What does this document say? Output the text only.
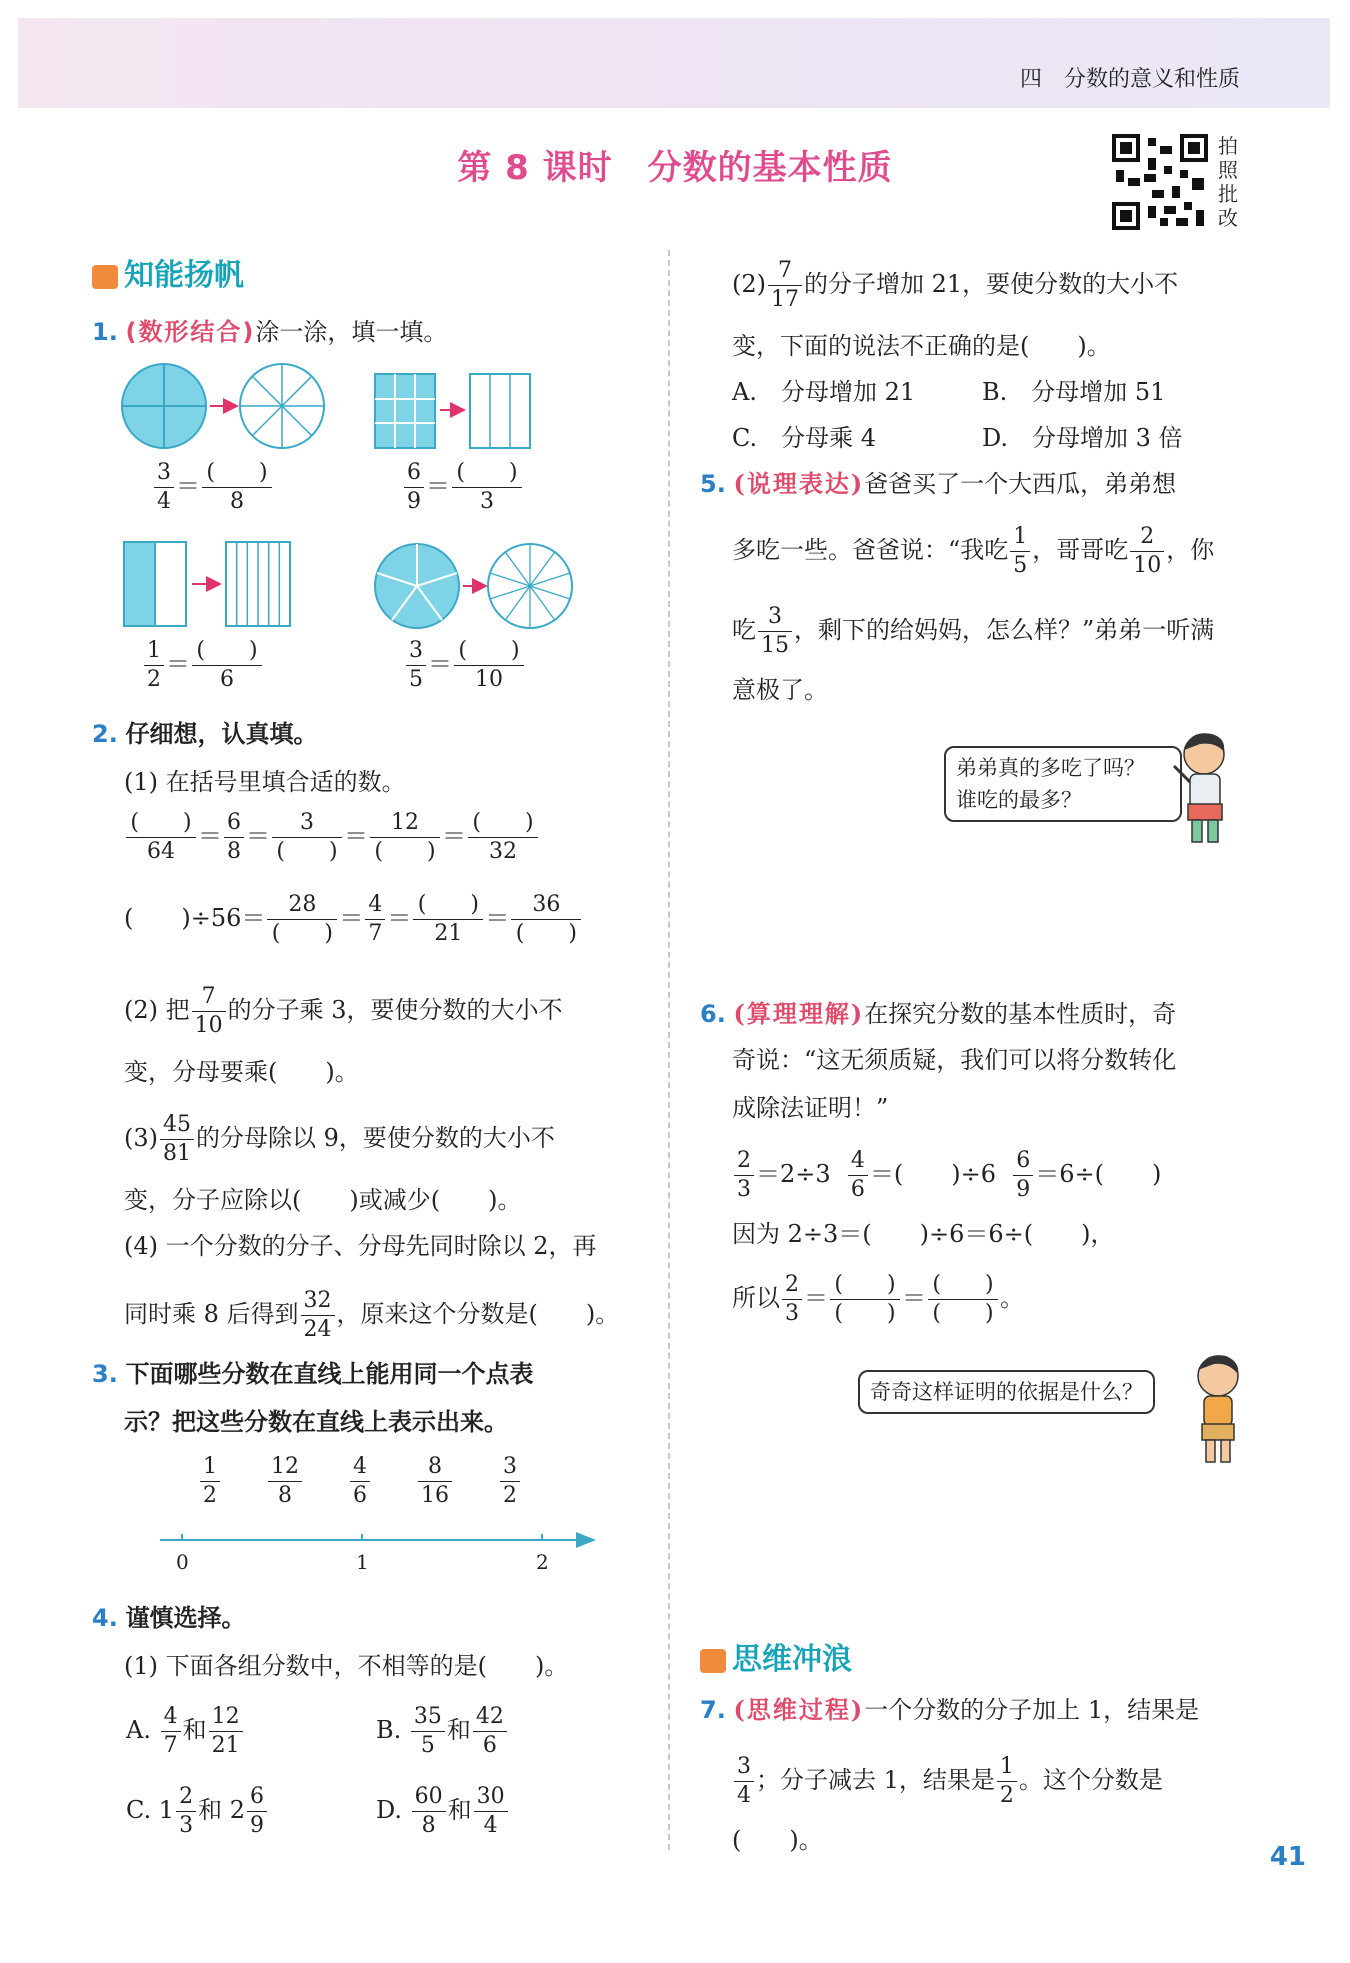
四　分数的意义和性质
第 8 课时　分数的基本性质
拍
照
批
改
知能扬帆
1. (数形结合)涂一涂，填一填。
$\frac{3}{4} = \frac{( )}{8}$	$\frac{6}{9} = \frac{( )}{3}$
$\frac{1}{2} = \frac{( )}{6}$	$\frac{3}{5} = \frac{( )}{10}$
2. 仔细想，认真填。
(1) 在括号里填合适的数。
$\frac{( )}{64} = \frac{6}{8} = \frac{3}{( )} = \frac{12}{( )} = \frac{( )}{32}$
(　　)$\div 56= \frac{28}{( )} = \frac{4}{7} = \frac{( )}{21} = \frac{36}{( )}$
(2) 把 $\frac{7}{10}$ 的分子乘 3，要使分数的大小不
变，分母要乘(　　)。
$(3) \frac{45}{81}$ 的分母除以 9，要使分数的大小不
变，分子应除以(　　)或减少(　　)。
(4) 一个分数的分子、分母先同时除以 2，再
同时乘 8 后得到 $\frac{32}{24}$ ，原来这个分数是(　　)。
3. 下面哪些分数在直线上能用同一个点表
示？把这些分数在直线上表示出来。
$\frac{1}{2} \frac{12}{8} \frac{4}{6} \frac{8}{16} \frac{3}{2}$
0	1	2
4. 谨慎选择。
(1) 下面各组分数中，不相等的是(　　)。
A. $\frac{4}{7}$ 和 $\frac{12}{21}$	B. $\frac{35}{5}$ 和 $\frac{42}{6}$
C. $1 \frac{2}{3}$ 和 $2 \frac{6}{9}$	D. $\frac{60}{8}$ 和 $\frac{30}{4}$
$(2) \frac{7}{17}$ 的分子增加 21，要使分数的大小不
变，下面的说法不正确的是(　　)。
A.　分母增加 21	B.　分母增加 51
C.　分母乘 4	D.　分母增加 3 倍
5. (说理表达)爸爸买了一个大西瓜，弟弟想
多吃一些。爸爸说：“我吃 $\frac{1}{5}$ ，哥哥吃 $\frac{2}{10}$ ，你
吃 $\frac{3}{15}$ ，剩下的给妈妈，怎么样？”弟弟一听满
意极了。
弟弟真的多吃了吗？
谁吃的最多？
6. (算理理解)在探究分数的基本性质时，奇
奇说：“这无须质疑，我们可以将分数转化
成除法证明！”
$\frac{2}{3} =2\div 3 \frac{4}{6}$ ＝(　　)$\div 6 \frac{6}{9} =6\div$(　　)
因为 2÷3＝(　　)÷6＝6÷(　　)，
所以 $\frac{2}{3} = \frac{( )}{( )} = \frac{( )}{( )}$ 。
奇奇这样证明的依据是什么？
思维冲浪
7. (思维过程)一个分数的分子加上 1，结果是
$\frac{3}{4}$ ；分子减去 1，结果是 $\frac{1}{2}$ 。这个分数是
(　　)。
41
